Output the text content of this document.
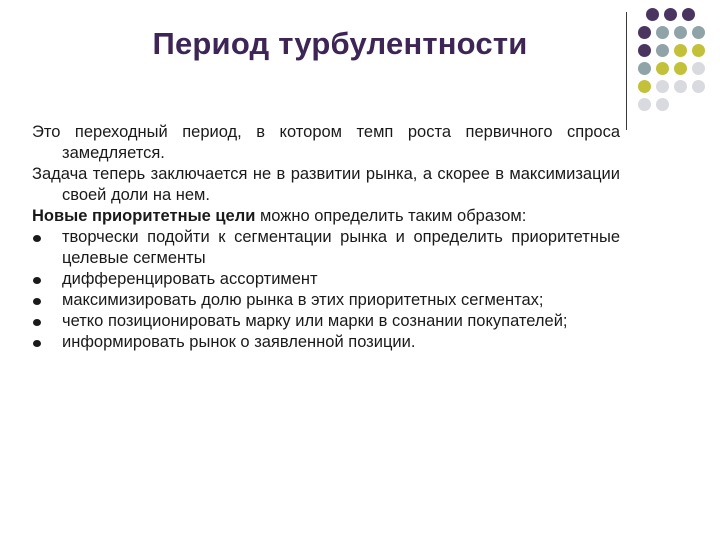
Период турбулентности

Это переходный период, в котором темп роста первичного спроса замедляется.

Задача теперь заключается не в развитии рынка, а скорее в максимизации своей доли на нем.

Новые приоритетные цели можно определить таким образом:

творчески подойти к сегментации рынка и определить приоритетные целевые сегменты
дифференцировать ассортимент
максимизировать долю рынка в этих приоритетных сегментах;
четко позиционировать марку или марки в сознании покупателей;
информировать рынок о заявленной позиции.
